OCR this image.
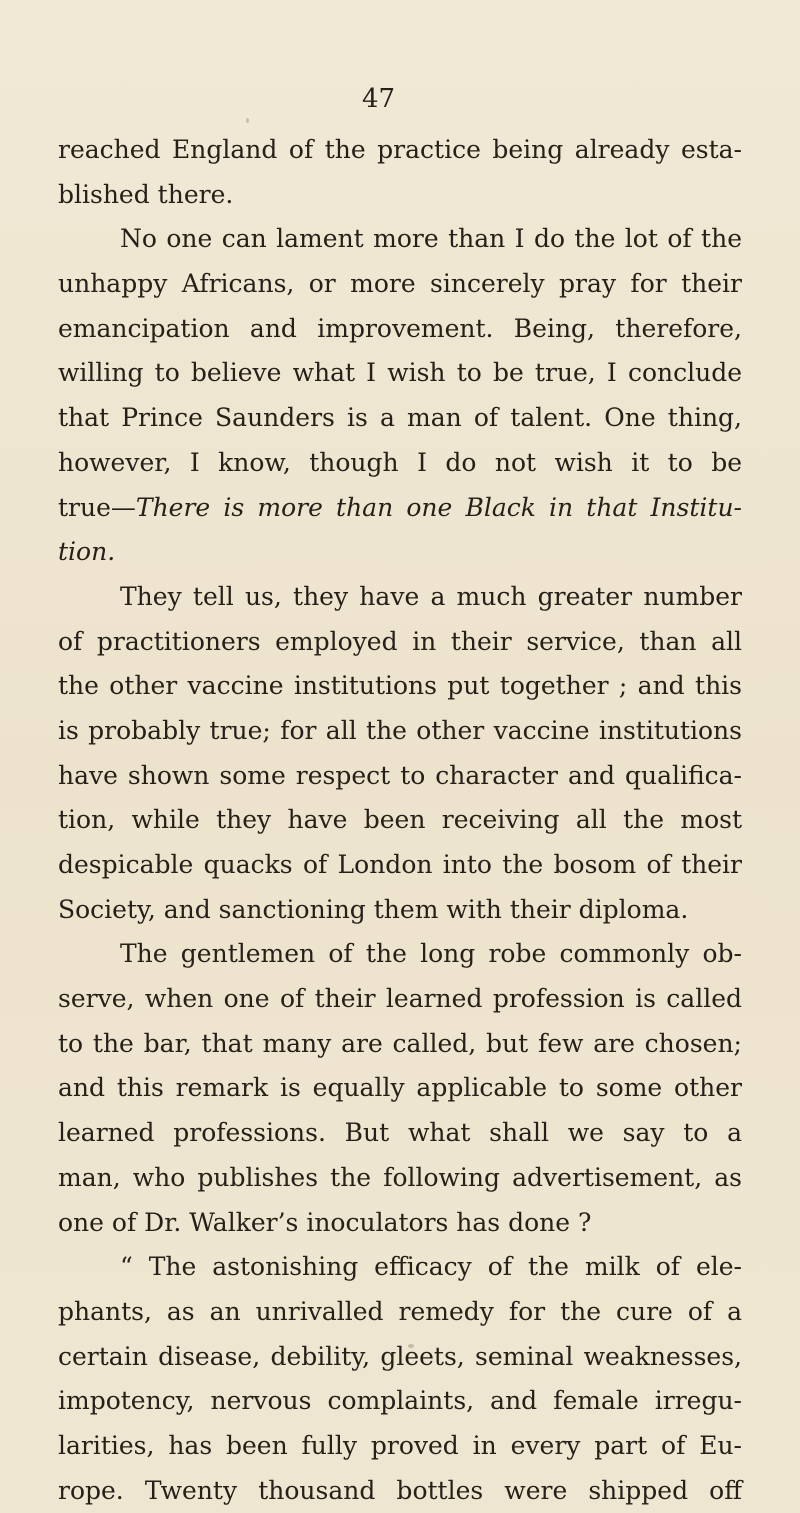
47

reached England of the practice being already esta-

blished there.

No one can lament more than I do the lot of the

unhappy Africans, or more sincerely pray for their

emancipation and improvement. Being, therefore,

willing to believe what I wish to be true, I conclude

that Prince Saunders is a man of talent. One thing,

however, I know, though I do not wish it to be

true—There is more than one Black in that Institu-

tion.

They tell us, they have a much greater number

of practitioners employed in their service, than all

the other vaccine institutions put together ; and this

is probably true; for all the other vaccine institutions

have shown some respect to character and qualifica-

tion, while they have been receiving all the most

despicable quacks of London into the bosom of their

Society, and sanctioning them with their diploma.

The gentlemen of the long robe commonly ob-

serve, when one of their learned profession is called

to the bar, that many are called, but few are chosen;

and this remark is equally applicable to some other

learned professions. But what shall we say to a

man, who publishes the following advertisement, as

one of Dr. Walker’s inoculators has done ?

“ The astonishing efficacy of the milk of ele-

phants, as an unrivalled remedy for the cure of a

certain disease, debility, gleets, seminal weaknesses,

impotency, nervous complaints, and female irregu-

larities, has been fully proved in every part of Eu-

rope. Twenty thousand bottles were shipped off
